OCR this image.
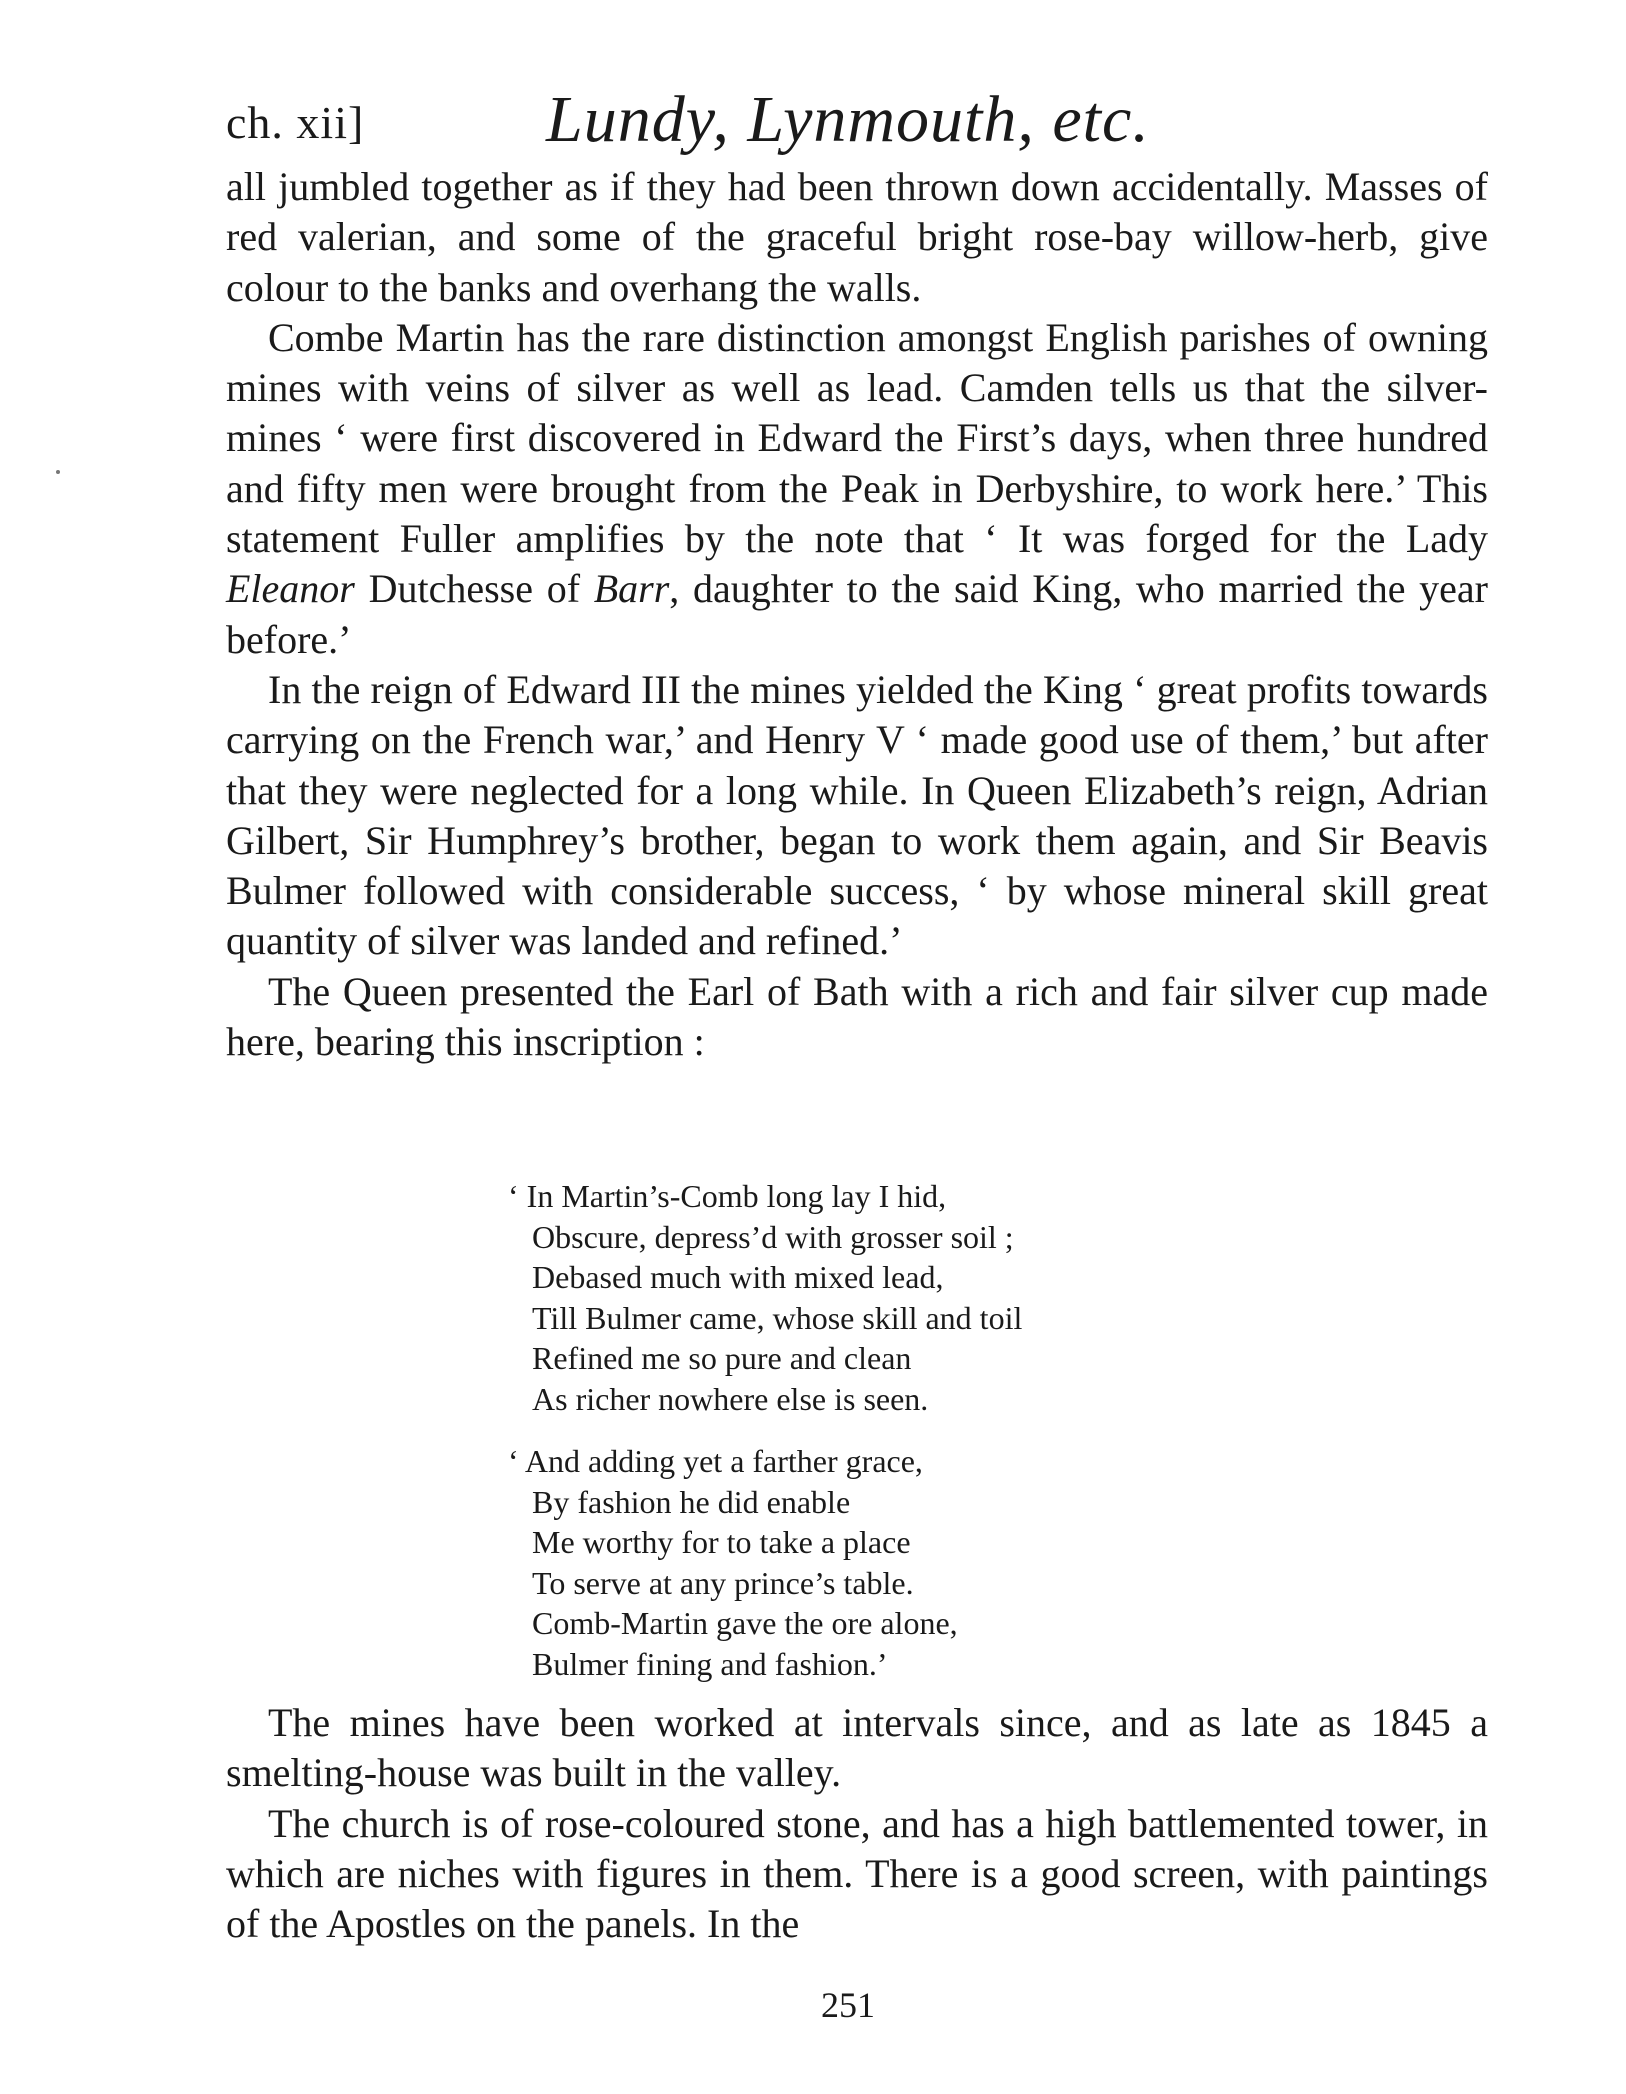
ch. xii]	Lundy, Lynmouth, etc.

all jumbled together as if they had been thrown down accidentally. Masses of red valerian, and some of the graceful bright rose-bay willow-herb, give colour to the banks and overhang the walls.

Combe Martin has the rare distinction amongst English parishes of owning mines with veins of silver as well as lead. Camden tells us that the silver-mines ‘ were first discovered in Edward the First’s days, when three hundred and fifty men were brought from the Peak in Derbyshire, to work here.’ This statement Fuller amplifies by the note that ‘ It was forged for the Lady Eleanor Dutchesse of Barr, daughter to the said King, who married the year before.’

In the reign of Edward III the mines yielded the King ‘ great profits towards carrying on the French war,’ and Henry V ‘ made good use of them,’ but after that they were neglected for a long while. In Queen Elizabeth’s reign, Adrian Gilbert, Sir Humphrey’s brother, began to work them again, and Sir Beavis Bulmer followed with considerable success, ‘ by whose mineral skill great quantity of silver was landed and refined.’

The Queen presented the Earl of Bath with a rich and fair silver cup made here, bearing this inscription :

‘ In Martin’s-Comb long lay I hid,
Obscure, depress’d with grosser soil ;
Debased much with mixed lead,
Till Bulmer came, whose skill and toil
Refined me so pure and clean
As richer nowhere else is seen.
‘ And adding yet a farther grace,
By fashion he did enable
Me worthy for to take a place
To serve at any prince’s table.
Comb-Martin gave the ore alone,
Bulmer fining and fashion.’

The mines have been worked at intervals since, and as late as 1845 a smelting-house was built in the valley.

The church is of rose-coloured stone, and has a high battlemented tower, in which are niches with figures in them. There is a good screen, with paintings of the Apostles on the panels. In the

251
